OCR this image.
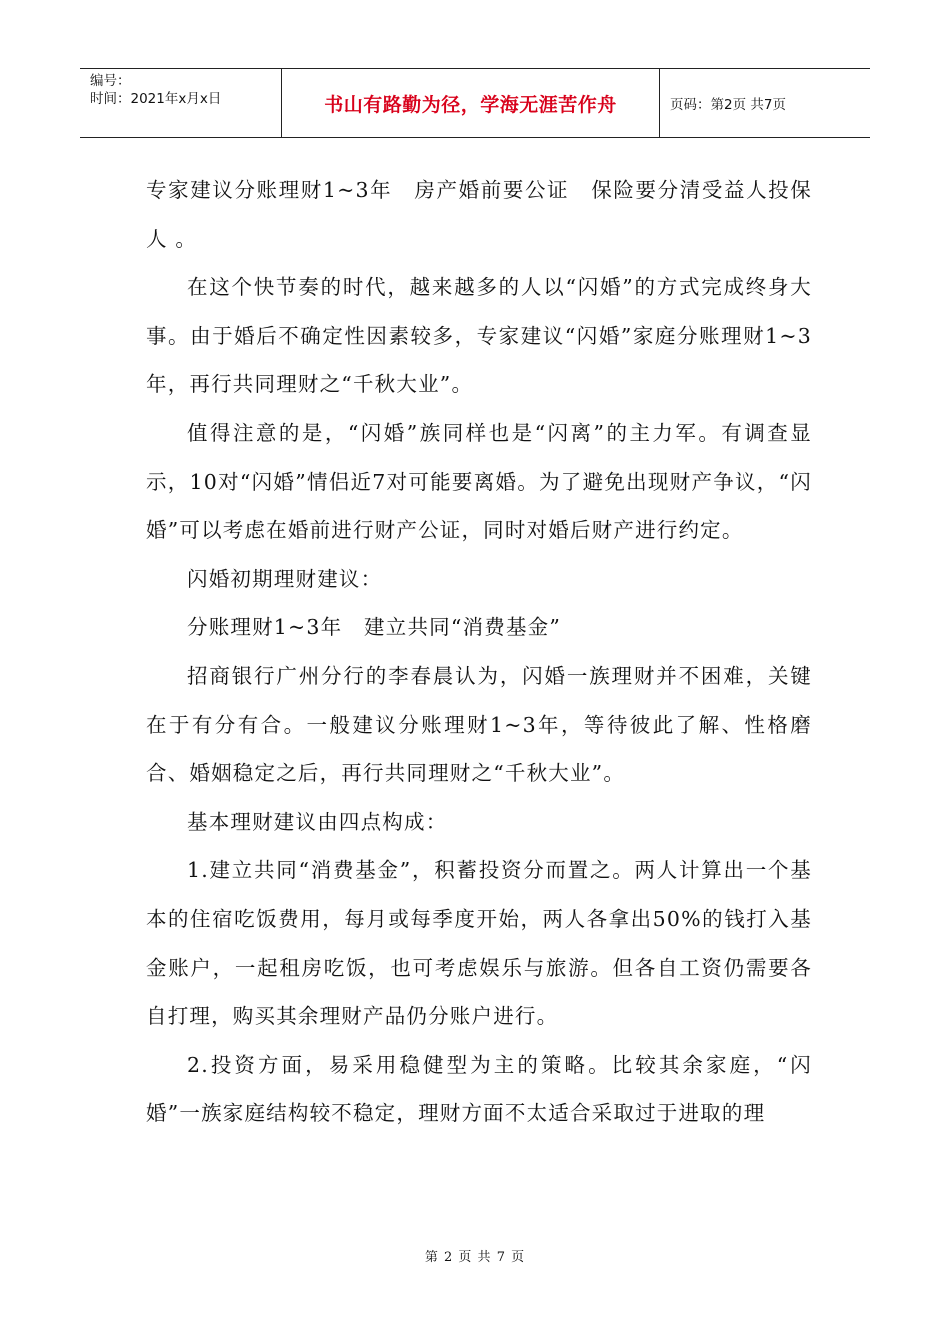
编号：
时间：2021年x月x日	书山有路勤为径，学海无涯苦作舟	页码：第2页 共7页

专家建议分账理财1~3年　房产婚前要公证　保险要分清受益人投保人 。

在这个快节奏的时代，越来越多的人以“闪婚”的方式完成终身大事。由于婚后不确定性因素较多，专家建议“闪婚”家庭分账理财1~3年，再行共同理财之“千秋大业”。

值得注意的是，“闪婚”族同样也是“闪离”的主力军。有调查显示，10对“闪婚”情侣近7对可能要离婚。为了避免出现财产争议，“闪婚”可以考虑在婚前进行财产公证，同时对婚后财产进行约定。

闪婚初期理财建议：

分账理财1~3年　建立共同“消费基金”

招商银行广州分行的李春晨认为，闪婚一族理财并不困难，关键在于有分有合。一般建议分账理财1~3年，等待彼此了解、性格磨合、婚姻稳定之后，再行共同理财之“千秋大业”。

基本理财建议由四点构成：

1.建立共同“消费基金”，积蓄投资分而置之。两人计算出一个基本的住宿吃饭费用，每月或每季度开始，两人各拿出50%的钱打入基金账户，一起租房吃饭，也可考虑娱乐与旅游。但各自工资仍需要各自打理，购买其余理财产品仍分账户进行。

2.投资方面，易采用稳健型为主的策略。比较其余家庭，“闪婚”一族家庭结构较不稳定，理财方面不太适合采取过于进取的理

第 2 页 共 7 页
